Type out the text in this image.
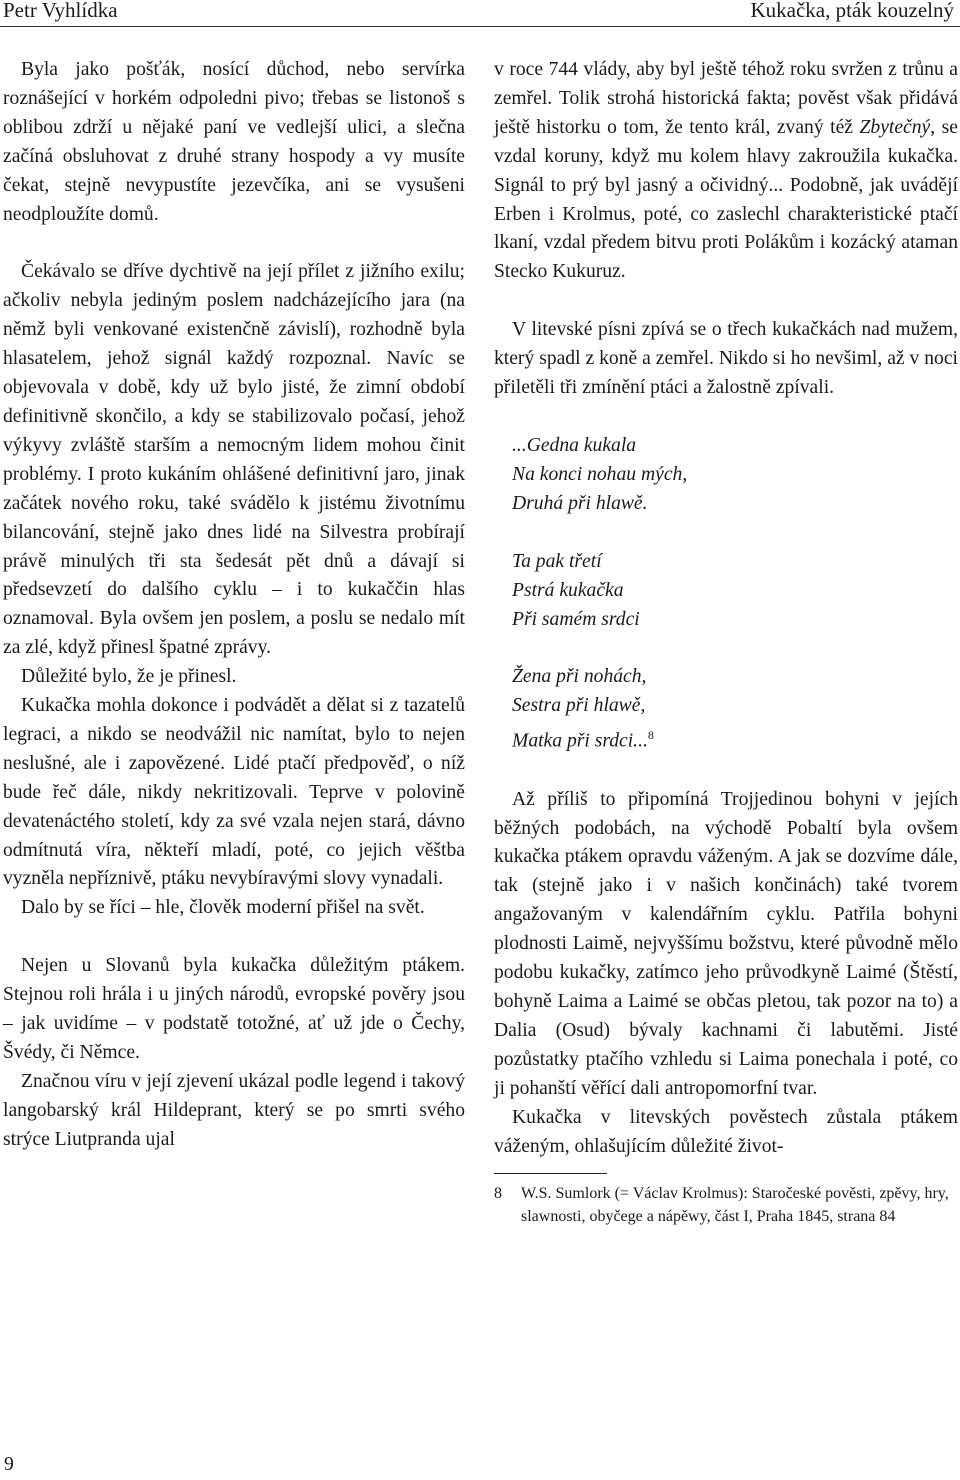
Petr Vyhlídka	Kukačka, pták kouzelný

Byla jako pošťák, nosící důchod, nebo servírka roznášející v horkém odpoledni pivo; třebas se listonoš s oblibou zdrží u nějaké paní ve vedlejší ulici, a slečna začíná obsluhovat z druhé strany hospody a vy musíte čekat, stejně nevypustíte jezevčíka, ani se vysušeni neodploužíte domů.

Čekávalo se dříve dychtivě na její přílet z jižního exilu; ačkoliv nebyla jediným poslem nadcházejícího jara (na němž byli venkované existenčně závislí), rozhodně byla hlasatelem, jehož signál každý rozpoznal. Navíc se objevovala v době, kdy už bylo jisté, že zimní období definitivně skončilo, a kdy se stabilizovalo počasí, jehož výkyvy zvláště starším a nemocným lidem mohou činit problémy. I proto kukáním ohlášené definitivní jaro, jinak začátek nového roku, také svádělo k jistému životnímu bilancování, stejně jako dnes lidé na Silvestra probírají právě minulých tři sta šedesát pět dnů a dávají si předsevzetí do dalšího cyklu – i to kukaččin hlas oznamoval. Byla ovšem jen poslem, a poslu se nedalo mít za zlé, když přinesl špatné zprávy.

Důležité bylo, že je přinesl.

Kukačka mohla dokonce i podvádět a dělat si z tazatelů legraci, a nikdo se neodvážil nic namítat, bylo to nejen neslušné, ale i zapovězené. Lidé ptačí předpověď, o níž bude řeč dále, nikdy nekritizovali. Teprve v polovině devatenáctého století, kdy za své vzala nejen stará, dávno odmítnutá víra, někteří mladí, poté, co jejich věštba vyzněla nepříznivě, ptáku nevybíravými slovy vynadali.

Dalo by se říci – hle, člověk moderní přišel na svět.

Nejen u Slovanů byla kukačka důležitým ptákem. Stejnou roli hrála i u jiných národů, evropské pověry jsou – jak uvidíme – v podstatě totožné, ať už jde o Čechy, Švédy, či Němce.

Značnou víru v její zjevení ukázal podle legend i takový langobarský král Hildeprant, který se po smrti svého strýce Liutpranda ujal

v roce 744 vlády, aby byl ještě téhož roku svržen z trůnu a zemřel. Tolik strohá historická fakta; pověst však přidává ještě historku o tom, že tento král, zvaný též Zbytečný, se vzdal koruny, když mu kolem hlavy zakroužila kukačka. Signál to prý byl jasný a očividný... Podobně, jak uvádějí Erben i Krolmus, poté, co zaslechl charakteristické ptačí lkaní, vzdal předem bitvu proti Polákům i kozácký ataman Stecko Kukuruz.

V litevské písni zpívá se o třech kukačkách nad mužem, který spadl z koně a zemřel. Nikdo si ho nevšiml, až v noci přiletěli tři zmínění ptáci a žalostně zpívali.

...Gedna kukala
Na konci nohau mých,
Druhá při hlawě.
Ta pak třetí
Pstrá kukačka
Při samém srdci
Žena při nohách,
Sestra při hlawě,
Matka při srdci...$^8$

Až příliš to připomíná Trojjedinou bohyni v jejích běžných podobách, na východě Pobaltí byla ovšem kukačka ptákem opravdu váženým. A jak se dozvíme dále, tak (stejně jako i v našich končinách) také tvorem angažovaným v kalendářním cyklu. Patřila bohyni plodnosti Laimě, nejvyššímu božstvu, které původně mělo podobu kukačky, zatímco jeho průvodkyně Laimé (Štěstí, bohyně Laima a Laimé se občas pletou, tak pozor na to) a Dalia (Osud) bývaly kachnami či labutěmi. Jisté pozůstatky ptačího vzhledu si Laima ponechala i poté, co ji pohanští věřící dali antropomorfní tvar.

Kukačka v litevských pověstech zůstala ptákem váženým, ohlašujícím důležité život-

8	W.S. Sumlork (= Václav Krolmus): Staročeské pověsti, zpěvy, hry, slawnosti, obyčege a nápěwy, část I, Praha 1845, strana 84
9
